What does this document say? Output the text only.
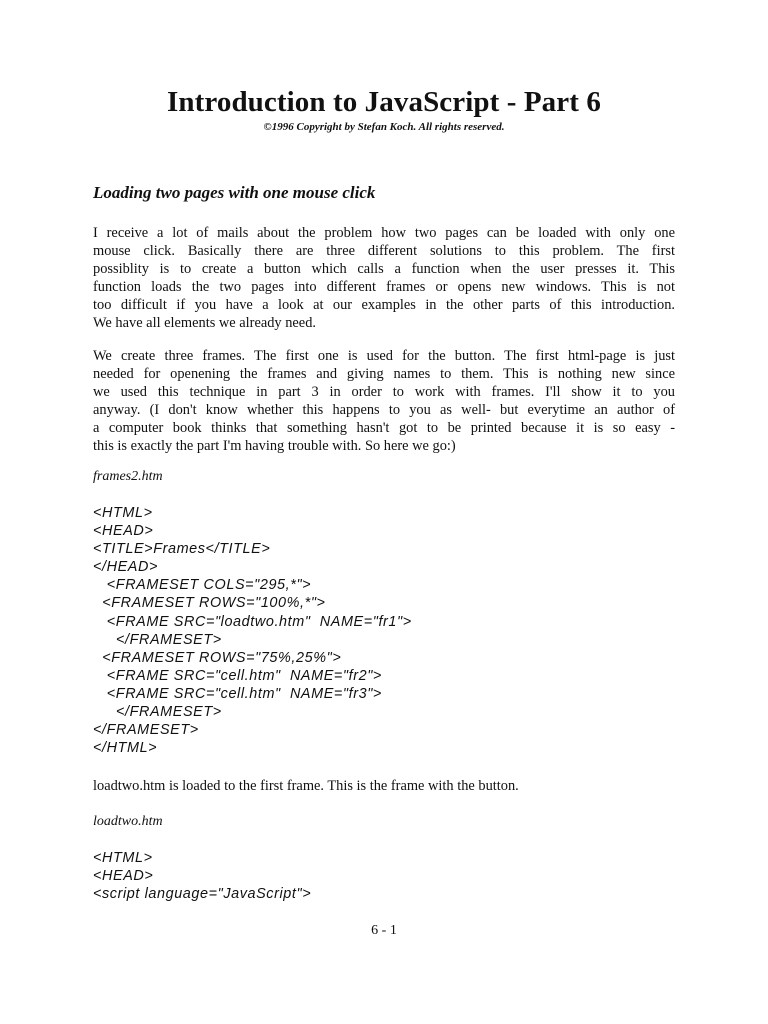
Introduction to JavaScript - Part 6
©1996 Copyright by Stefan Koch. All rights reserved.
Loading two pages with one mouse click
I receive a lot of mails about the problem how two pages can be loaded with only one
mouse click. Basically there are three different solutions to this problem. The first
possiblity is to create a button which calls a function when the user presses it. This
function loads the two pages into different frames or opens new windows. This is not
too difficult if you have a look at our examples in the other parts of this introduction.
We have all elements we already need.
We create three frames. The first one is used for the button. The first html-page is just
needed for openening the frames and giving names to them. This is nothing new since
we used this technique in part 3 in order to work with frames. I'll show it to you
anyway. (I don't know whether this happens to you as well- but everytime an author of
a computer book thinks that something hasn't got to be printed because it is so easy -
this is exactly the part I'm having trouble with. So here we go:)
frames2.htm
<HTML>
<HEAD>
<TITLE>Frames</TITLE>
</HEAD>
<FRAMESET COLS="295,*">
<FRAMESET ROWS="100%,*">
<FRAME SRC="loadtwo.htm"  NAME="fr1">
</FRAMESET>
<FRAMESET ROWS="75%,25%">
<FRAME SRC="cell.htm"  NAME="fr2">
<FRAME SRC="cell.htm"  NAME="fr3">
</FRAMESET>
</FRAMESET>
</HTML>
loadtwo.htm is loaded to the first frame. This is the frame with the button.
loadtwo.htm
<HTML>
<HEAD>
<script language="JavaScript">
6 - 1
